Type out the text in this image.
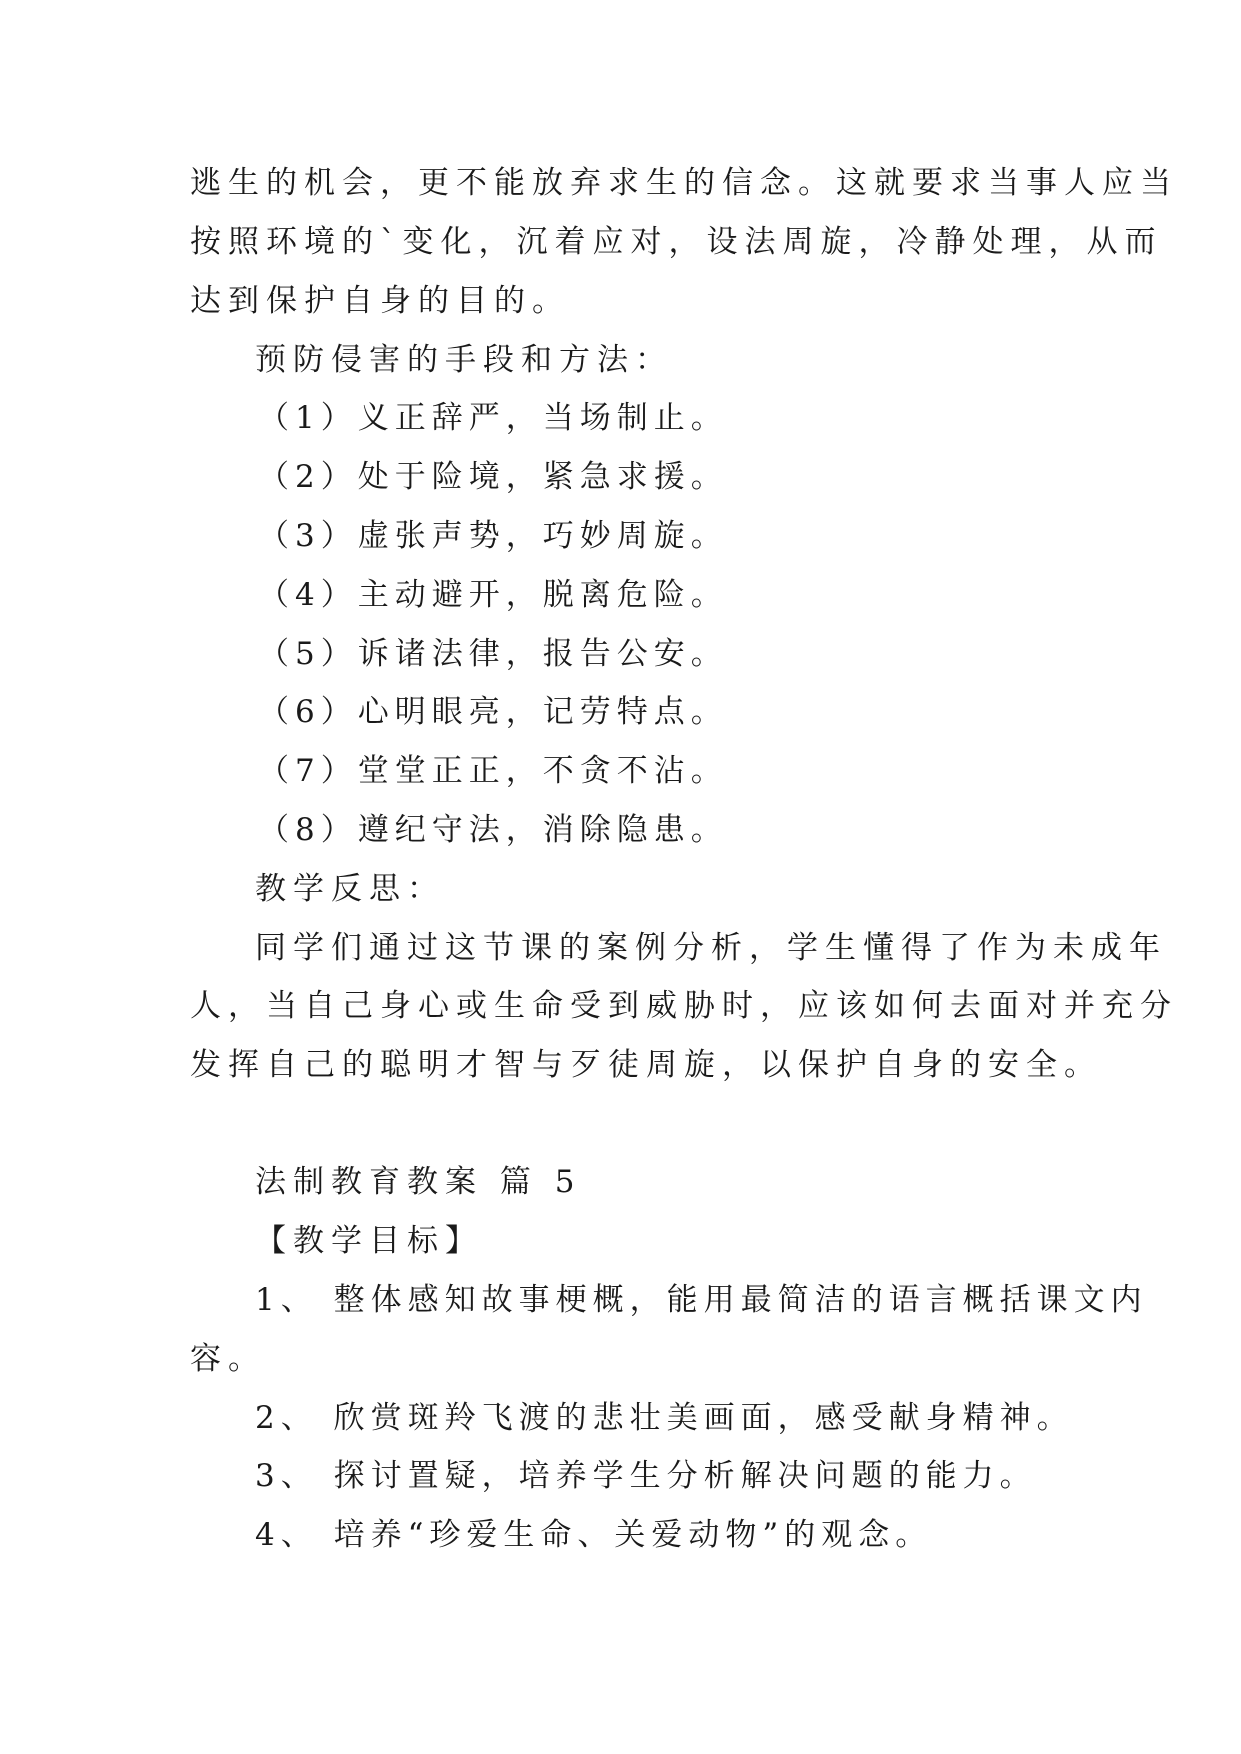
逃生的机会，更不能放弃求生的信念。这就要求当事人应当

按照环境的`变化，沉着应对，设法周旋，冷静处理，从而

达到保护自身的目的。

预防侵害的手段和方法：

（1）义正辞严，当场制止。

（2）处于险境，紧急求援。

（3）虚张声势，巧妙周旋。

（4）主动避开，脱离危险。

（5）诉诸法律，报告公安。

（6）心明眼亮，记劳特点。

（7）堂堂正正，不贪不沾。

（8）遵纪守法，消除隐患。

教学反思：

同学们通过这节课的案例分析，学生懂得了作为未成年

人，当自己身心或生命受到威胁时，应该如何去面对并充分

发挥自己的聪明才智与歹徒周旋，以保护自身的安全。

法制教育教案 篇 5

【教学目标】

1、 整体感知故事梗概，能用最简洁的语言概括课文内

容。

2、 欣赏斑羚飞渡的悲壮美画面，感受献身精神。

3、 探讨置疑，培养学生分析解决问题的能力。

4、 培养“珍爱生命、关爱动物”的观念。
